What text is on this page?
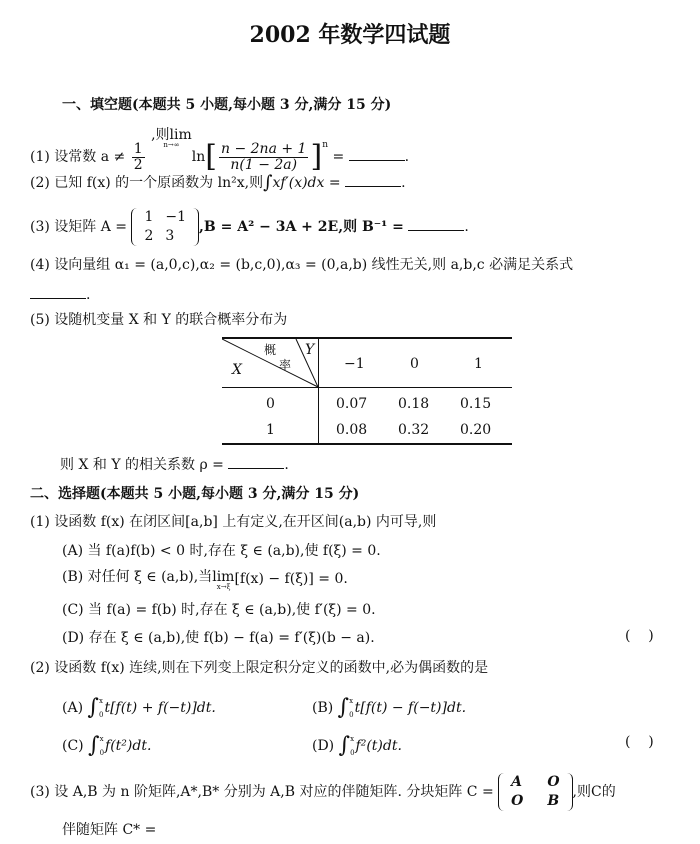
2002 年数学四试题
一、填空题(本题共 5 小题,每小题 3 分,满分 15 分)
(1) 设常数 $a \ne \frac{1}{2}$
,则lim
n→∞
$\ln[ \frac{n - 2na + 1}{n(1 - 2a)} ]^n$ =	.
(2) 已知 f(x) 的一个原函数为 ln²x,则∫xf′(x)dx =	.
(3) 设矩阵 A =
1	−1
2	3
,B = A² − 3A + 2E,则 B⁻¹ =	.
(4) 设向量组 α₁ = (a,0,c),α₂ = (b,c,0),α₃ = (0,a,b) 线性无关,则 a,b,c 必满足关系式
.
(5) 设随机变量 X 和 Y 的联合概率分布为
X
Y
概
率	−1	0	1
0	0.07 0.18 0.15
1	0.08 0.32 0.20
则 X 和 Y 的相关系数 ρ =	.
二、选择题(本题共 5 小题,每小题 3 分,满分 15 分)
(1) 设函数 f(x) 在闭区间[a,b] 上有定义,在开区间(a,b) 内可导,则
(A) 当 f(a)f(b) < 0 时,存在 ξ ∈ (a,b),使 f(ξ) = 0.
(B) 对任何 ξ ∈ (a,b),当lim
x→ξ [f(x) − f(ξ)] = 0.
(C) 当 f(a) = f(b) 时,存在 ξ ∈ (a,b),使 f′(ξ) = 0.
(D) 存在 ξ ∈ (a,b),使 f(b) − f(a) = f′(ξ)(b − a).	(    )
(2) 设函数 f(x) 连续,则在下列变上限定积分定义的函数中,必为偶函数的是
(A) ∫x
0t[f(t) + f(−t)]dt.	(B) ∫x
0t[f(t) − f(−t)]dt.
(C) ∫x
0f(t²)dt.	(D) ∫x
0f²(t)dt.	(    )
(3) 设 A,B 为 n 阶矩阵,A*,B* 分别为 A,B 对应的伴随矩阵. 分块矩阵 C =
A	O
O	B
,则C的
伴随矩阵 C* =
